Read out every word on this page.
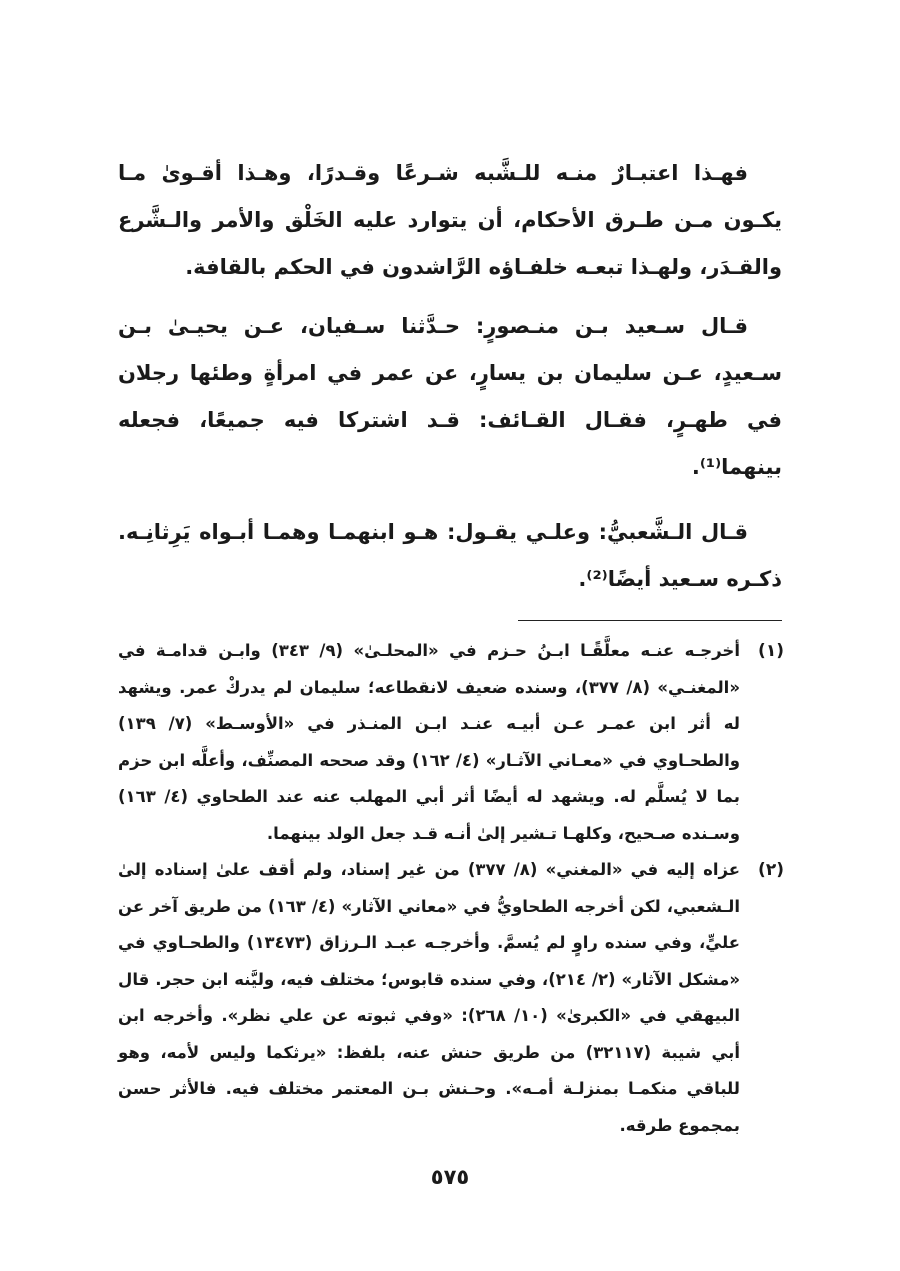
فهـذا اعتبـارٌ منـه للـشَّبه شـرعًا وقـدرًا، وهـذا أقـوىٰ مـا يكـون مـن طـرق الأحكام، أن يتوارد عليه الخَلْق والأمر والـشَّرع والقـدَر، ولهـذا تبعـه خلفـاؤه الرَّاشدون في الحكم بالقافة.

قـال سـعيد بـن منـصورٍ: حـدَّثنا سـفيان، عـن يحيـىٰ بـن سـعيدٍ، عـن سليمان بن يسارٍ، عن عمر في امرأةٍ وطئها رجلان في طهـرٍ، فقـال القـائف: قـد اشتركا فيه جميعًا، فجعله بينهما⁽¹⁾.

قـال الـشَّعبيُّ: وعلـي يقـول: هـو ابنهمـا وهمـا أبـواه يَرِثانِـه. ذكـره سـعيد أيضًا⁽²⁾.

(١)
أخرجـه عنـه معلَّقًـا ابـنُ حـزم في «المحلـىٰ» (٩/ ٣٤٣) وابـن قدامـة في «المغنـي» (٨/ ٣٧٧)، وسنده ضعيف لانقطاعه؛ سليمان لم يدركْ عمر. ويشهد له أثر ابن عمـر عـن أبيـه عنـد ابـن المنـذر في «الأوسـط» (٧/ ١٣٩) والطحـاوي في «معـاني الآثـار» (٤/ ١٦٢) وقد صححه المصنِّف، وأعلَّه ابن حزم بما لا يُسلَّم له. ويشهد له أيضًا أثر أبي المهلب عنه عند الطحاوي (٤/ ١٦٣) وسـنده صـحيح، وكلهـا تـشير إلىٰ أنـه قـد جعل الولد بينهما.
(٢)
عزاه إليه في «المغني» (٨/ ٣٧٧) من غير إسناد، ولم أقف علىٰ إسناده إلىٰ الـشعبي، لكن أخرجه الطحاويُّ في «معاني الآثار» (٤/ ١٦٣) من طريق آخر عن عليٍّ، وفي سنده راوٍ لم يُسمَّ. وأخرجـه عبـد الـرزاق (١٣٤٧٣) والطحـاوي في «مشكل الآثار» (٢/ ٢١٤)، وفي سنده قابوس؛ مختلف فيه، وليَّنه ابن حجر. قال البيهقي في «الكبرىٰ» (١٠/ ٢٦٨): «وفي ثبوته عن علي نظر». وأخرجه ابن أبي شيبة (٣٢١١٧) من طريق حنش عنه، بلفظ: «يرثكما وليس لأمه، وهو للباقي منكمـا بمنزلـة أمـه». وحـنش بـن المعتمر مختلف فيه. فالأثر حسن بمجموع طرقه.
٥٧٥
